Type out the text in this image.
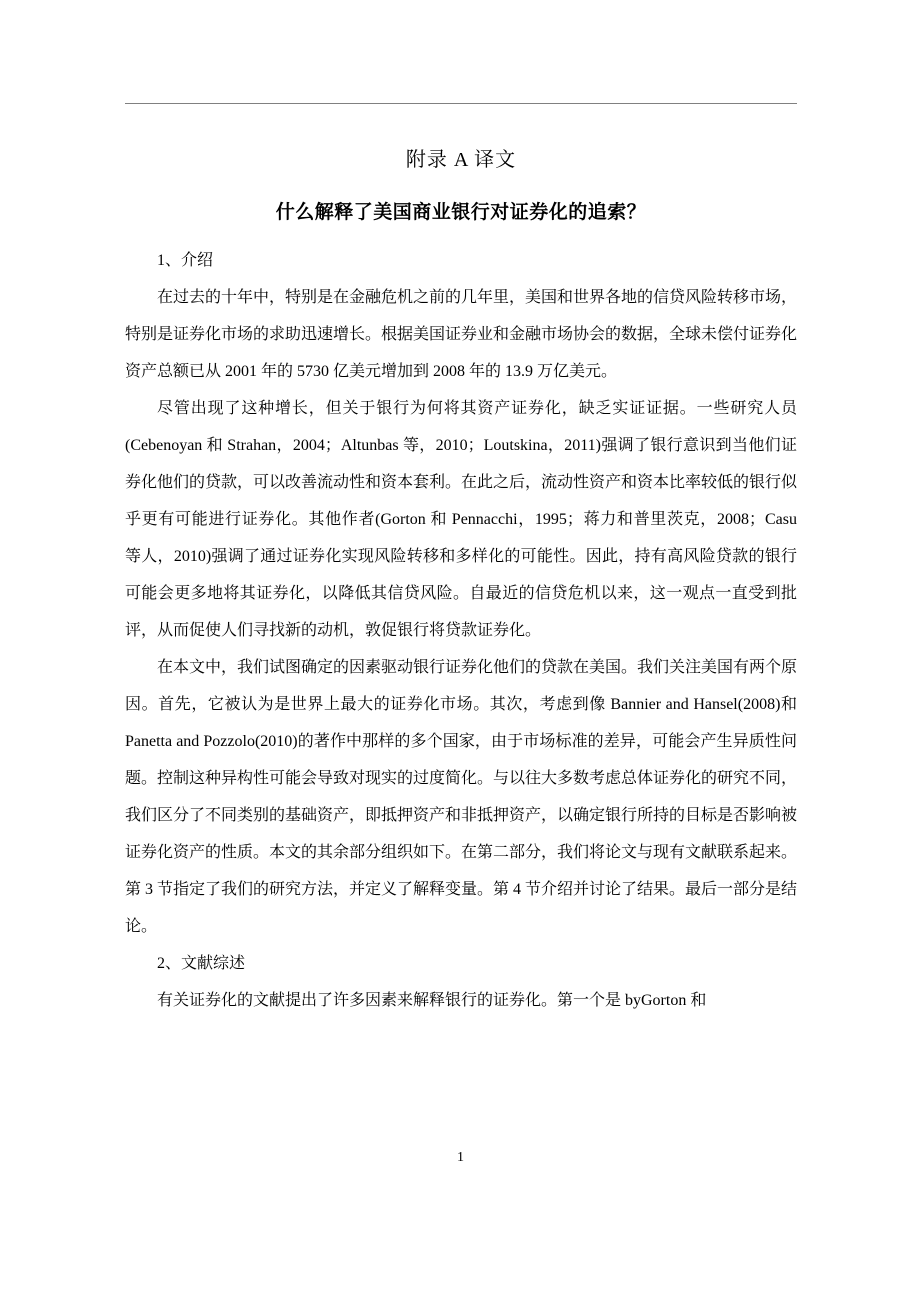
附录 A 译文
什么解释了美国商业银行对证券化的追索？

1、介绍

在过去的十年中，特别是在金融危机之前的几年里，美国和世界各地的信贷风险转移市场，特别是证券化市场的求助迅速增长。根据美国证券业和金融市场协会的数据，全球未偿付证券化资产总额已从 2001 年的 5730 亿美元增加到 2008 年的 13.9 万亿美元。

尽管出现了这种增长，但关于银行为何将其资产证券化，缺乏实证证据。一些研究人员(Cebenoyan 和 Strahan，2004；Altunbas 等，2010；Loutskina，2011)强调了银行意识到当他们证券化他们的贷款，可以改善流动性和资本套利。在此之后，流动性资产和资本比率较低的银行似乎更有可能进行证券化。其他作者(Gorton 和 Pennacchi，1995；蒋力和普里茨克，2008；Casu 等人，2010)强调了通过证券化实现风险转移和多样化的可能性。因此，持有高风险贷款的银行可能会更多地将其证券化，以降低其信贷风险。自最近的信贷危机以来，这一观点一直受到批评，从而促使人们寻找新的动机，敦促银行将贷款证券化。

在本文中，我们试图确定的因素驱动银行证券化他们的贷款在美国。我们关注美国有两个原因。首先，它被认为是世界上最大的证券化市场。其次，考虑到像 Bannier and Hansel(2008)和 Panetta and Pozzolo(2010)的著作中那样的多个国家，由于市场标准的差异，可能会产生异质性问题。控制这种异构性可能会导致对现实的过度简化。与以往大多数考虑总体证券化的研究不同，我们区分了不同类别的基础资产，即抵押资产和非抵押资产，以确定银行所持的目标是否影响被证券化资产的性质。本文的其余部分组织如下。在第二部分，我们将论文与现有文献联系起来。第 3 节指定了我们的研究方法，并定义了解释变量。第 4 节介绍并讨论了结果。最后一部分是结论。

2、文献综述

有关证券化的文献提出了许多因素来解释银行的证券化。第一个是 byGorton 和

1
